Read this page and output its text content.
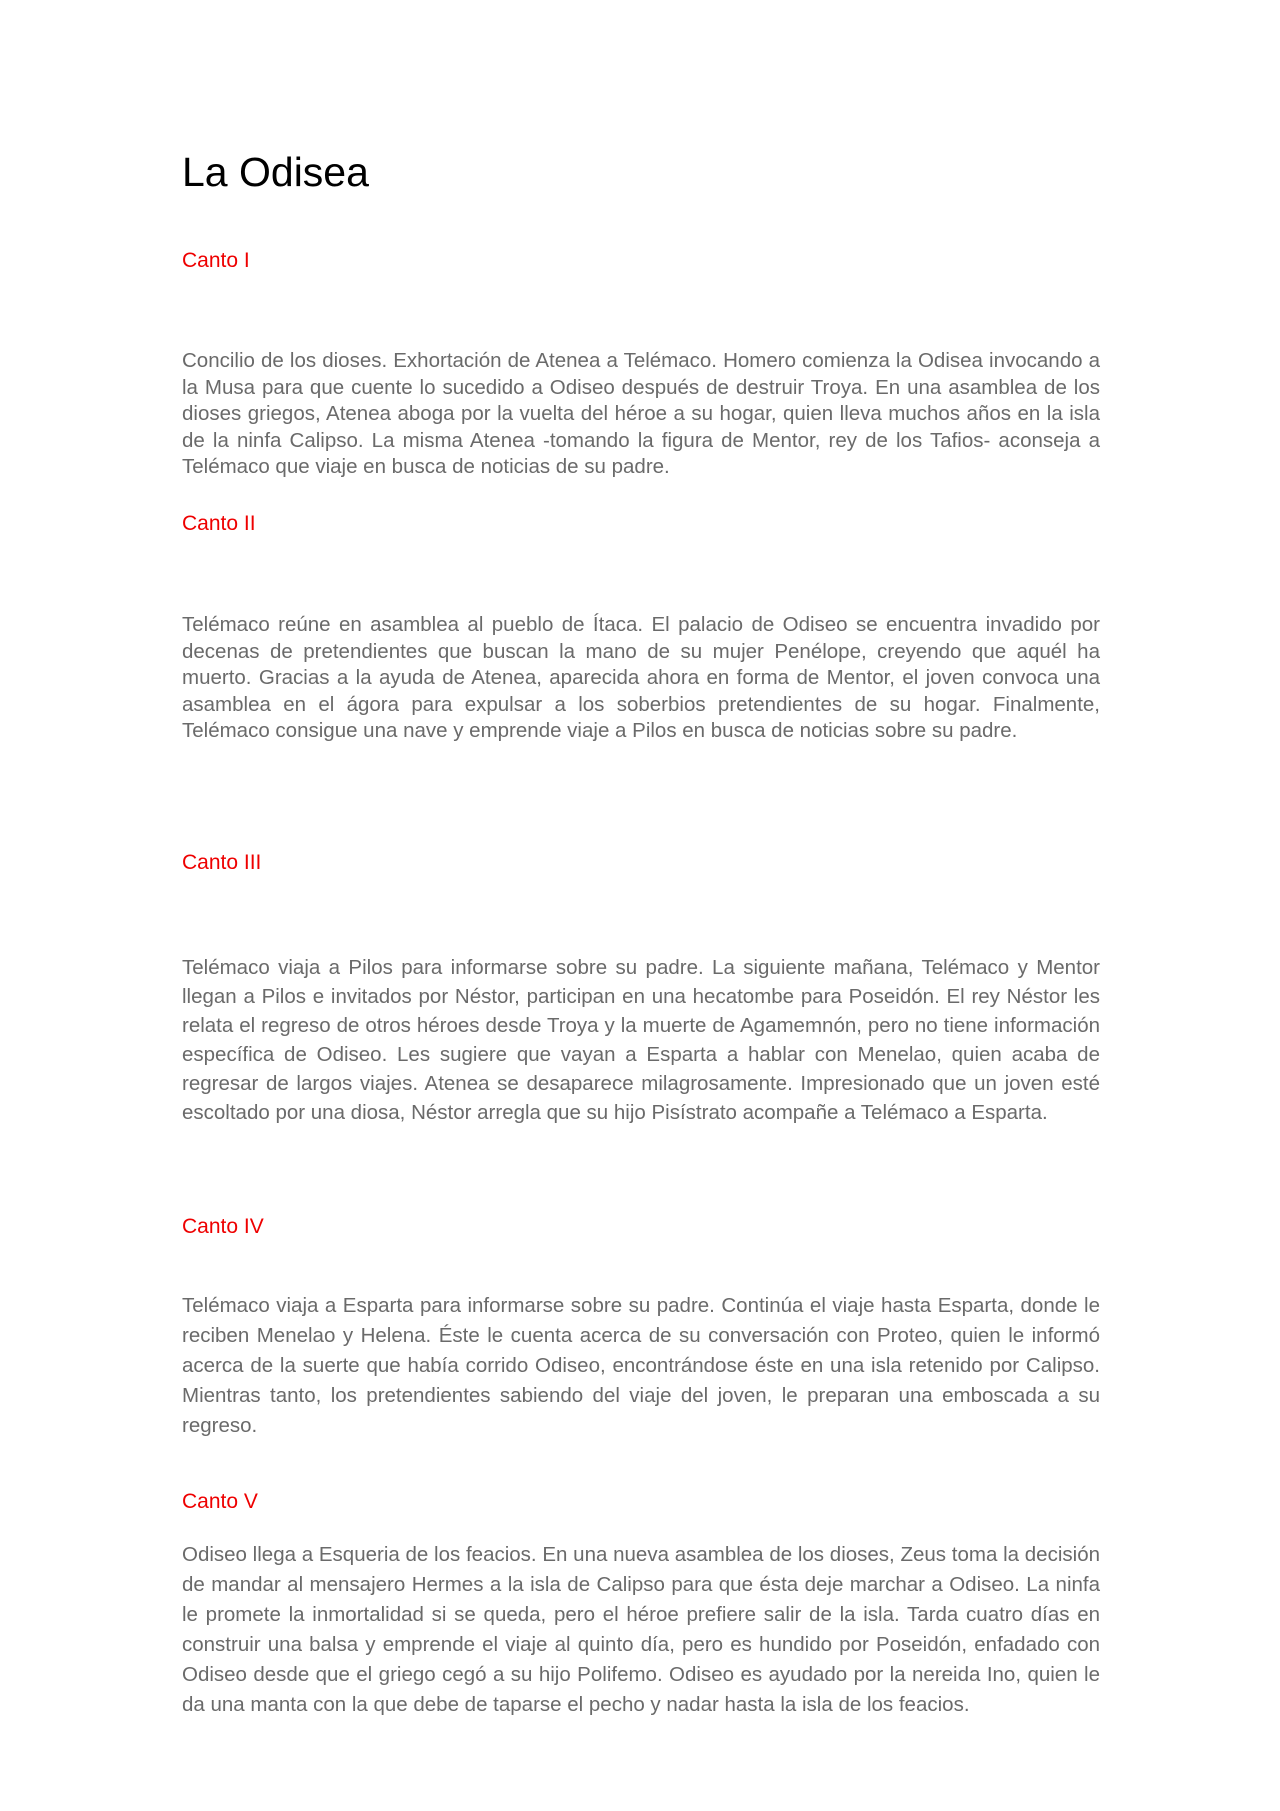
La Odisea
Canto I

Concilio de los dioses. Exhortación de Atenea a Telémaco. Homero comienza la Odisea invocando a la Musa para que cuente lo sucedido a Odiseo después de destruir Troya. En una asamblea de los dioses griegos, Atenea aboga por la vuelta del héroe a su hogar, quien lleva muchos años en la isla de la ninfa Calipso. La misma Atenea -tomando la figura de Mentor, rey de los Tafios- aconseja a Telémaco que viaje en busca de noticias de su padre.

Canto II

Telémaco reúne en asamblea al pueblo de Ítaca. El palacio de Odiseo se encuentra invadido por decenas de pretendientes que buscan la mano de su mujer Penélope, creyendo que aquél ha muerto. Gracias a la ayuda de Atenea, aparecida ahora en forma de Mentor, el joven convoca una asamblea en el ágora para expulsar a los soberbios pretendientes de su hogar. Finalmente, Telémaco consigue una nave y emprende viaje a Pilos en busca de noticias sobre su padre.

Canto III

Telémaco viaja a Pilos para informarse sobre su padre. La siguiente mañana, Telémaco y Mentor llegan a Pilos e invitados por Néstor, participan en una hecatombe para Poseidón. El rey Néstor les relata el regreso de otros héroes desde Troya y la muerte de Agamemnón, pero no tiene información específica de Odiseo. Les sugiere que vayan a Esparta a hablar con Menelao, quien acaba de regresar de largos viajes. Atenea se desaparece milagrosamente. Impresionado que un joven esté escoltado por una diosa, Néstor arregla que su hijo Pisístrato acompañe a Telémaco a Esparta.

Canto IV

Telémaco viaja a Esparta para informarse sobre su padre. Continúa el viaje hasta Esparta, donde le reciben Menelao y Helena. Éste le cuenta acerca de su conversación con Proteo, quien le informó acerca de la suerte que había corrido Odiseo, encontrándose éste en una isla retenido por Calipso. Mientras tanto, los pretendientes sabiendo del viaje del joven, le preparan una emboscada a su regreso.

Canto V

Odiseo llega a Esqueria de los feacios. En una nueva asamblea de los dioses, Zeus toma la decisión de mandar al mensajero Hermes a la isla de Calipso para que ésta deje marchar a Odiseo. La ninfa le promete la inmortalidad si se queda, pero el héroe prefiere salir de la isla. Tarda cuatro días en construir una balsa y emprende el viaje al quinto día, pero es hundido por Poseidón, enfadado con Odiseo desde que el griego cegó a su hijo Polifemo. Odiseo es ayudado por la nereida Ino, quien le da una manta con la que debe de taparse el pecho y nadar hasta la isla de los feacios.
